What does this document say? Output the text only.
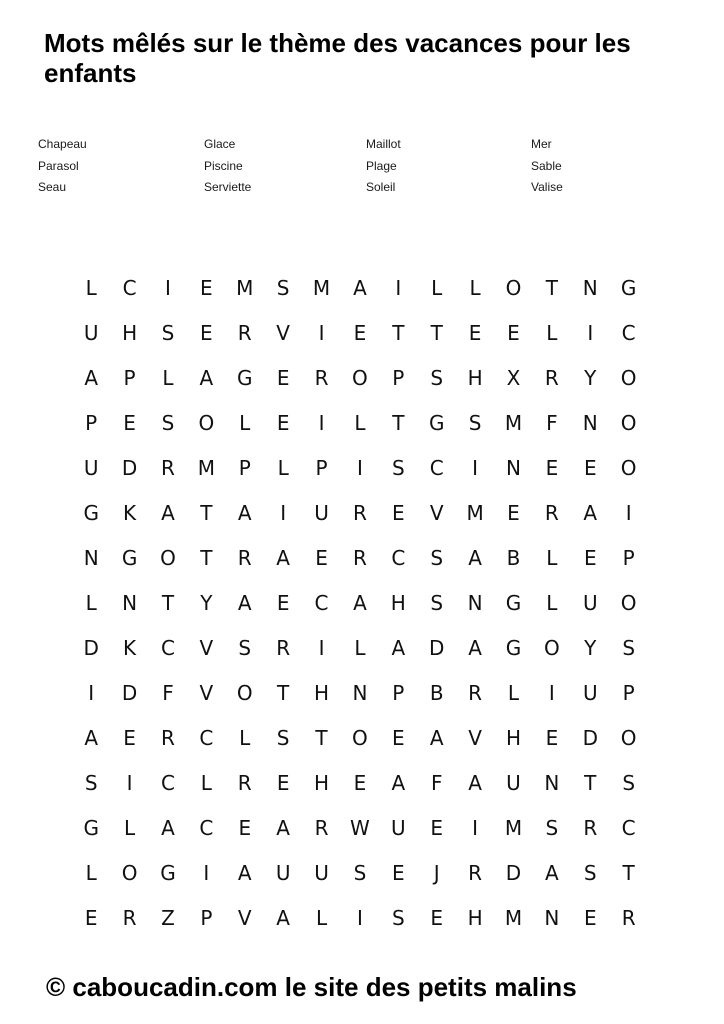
Mots mêlés sur le thème des vacances pour les enfants
Chapeau
Parasol
Seau
Glace
Piscine
Serviette
Maillot
Plage
Soleil
Mer
Sable
Valise
L	C	I	E	M	S	M	A	I	L	L	O	T	N	G
U	H	S	E	R	V	I	E	T	T	E	E	L	I	C
A	P	L	A	G	E	R	O	P	S	H	X	R	Y	O
P	E	S	O	L	E	I	L	T	G	S	M	F	N	O
U	D	R	M	P	L	P	I	S	C	I	N	E	E	O
G	K	A	T	A	I	U	R	E	V	M	E	R	A	I
N	G	O	T	R	A	E	R	C	S	A	B	L	E	P
L	N	T	Y	A	E	C	A	H	S	N	G	L	U	O
D	K	C	V	S	R	I	L	A	D	A	G	O	Y	S
I	D	F	V	O	T	H	N	P	B	R	L	I	U	P
A	E	R	C	L	S	T	O	E	A	V	H	E	D	O
S	I	C	L	R	E	H	E	A	F	A	U	N	T	S
G	L	A	C	E	A	R	W	U	E	I	M	S	R	C
L	O	G	I	A	U	U	S	E	J	R	D	A	S	T
E	R	Z	P	V	A	L	I	S	E	H	M	N	E	R

© caboucadin.com le site des petits malins
